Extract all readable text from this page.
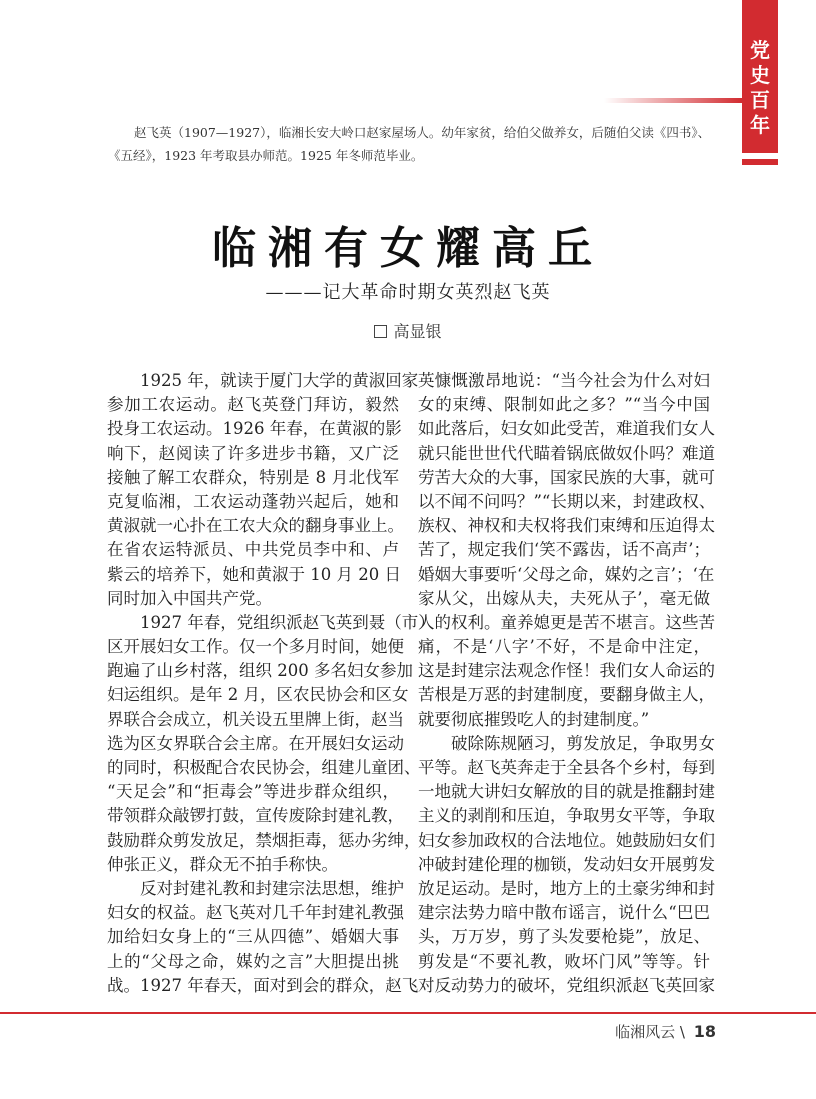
党史百年
赵飞英（1907—1927），临湘长安大岭口赵家屋场人。幼年家贫，给伯父做养女，后随伯父读《四书》、
《五经》，1923 年考取县办师范。1925 年冬师范毕业。
临湘有女耀高丘
———记大革命时期女英烈赵飞英
高显银
1925 年，就读于厦门大学的黄淑回家
参加工农运动。赵飞英登门拜访，毅然
投身工农运动。1926 年春，在黄淑的影
响下，赵阅读了许多进步书籍，又广泛
接触了解工农群众，特别是 8 月北伐军
克复临湘，工农运动蓬勃兴起后，她和
黄淑就一心扑在工农大众的翻身事业上。
在省农运特派员、中共党员李中和、卢
紫云的培养下，她和黄淑于 10 月 20 日
同时加入中国共产党。
1927 年春，党组织派赵飞英到聂（市）
区开展妇女工作。仅一个多月时间，她便
跑遍了山乡村落，组织 200 多名妇女参加
妇运组织。是年 2 月，区农民协会和区女
界联合会成立，机关设五里牌上街，赵当
选为区女界联合会主席。在开展妇女运动
的同时，积极配合农民协会，组建儿童团、
“天足会”和“拒毒会”等进步群众组织，
带领群众敲锣打鼓，宣传废除封建礼教，
鼓励群众剪发放足，禁烟拒毒，惩办劣绅，
伸张正义，群众无不拍手称快。
反对封建礼教和封建宗法思想，维护
妇女的权益。赵飞英对几千年封建礼教强
加给妇女身上的“三从四德”、婚姻大事
上的“父母之命，媒妁之言”大胆提出挑
战。1927 年春天，面对到会的群众，赵飞
英慷慨激昂地说：“当今社会为什么对妇
女的束缚、限制如此之多？”“当今中国
如此落后，妇女如此受苦，难道我们女人
就只能世世代代瞄着锅底做奴仆吗？难道
劳苦大众的大事，国家民族的大事，就可
以不闻不问吗？”“长期以来，封建政权、
族权、神权和夫权将我们束缚和压迫得太
苦了，规定我们‘笑不露齿，话不高声’；
婚姻大事要听‘父母之命，媒妁之言’；‘在
家从父，出嫁从夫，夫死从子’，毫无做
人的权利。童养媳更是苦不堪言。这些苦
痛，不是‘八字’不好，不是命中注定，
这是封建宗法观念作怪！我们女人命运的
苦根是万恶的封建制度，要翻身做主人，
就要彻底摧毁吃人的封建制度。”
破除陈规陋习，剪发放足，争取男女
平等。赵飞英奔走于全县各个乡村，每到
一地就大讲妇女解放的目的就是推翻封建
主义的剥削和压迫，争取男女平等，争取
妇女参加政权的合法地位。她鼓励妇女们
冲破封建伦理的枷锁，发动妇女开展剪发
放足运动。是时，地方上的土豪劣绅和封
建宗法势力暗中散布谣言，说什么“巴巴
头，万万岁，剪了头发要枪毙”，放足、
剪发是“不要礼教，败坏门风”等等。针
对反动势力的破坏，党组织派赵飞英回家
临湘风云 \ 18
